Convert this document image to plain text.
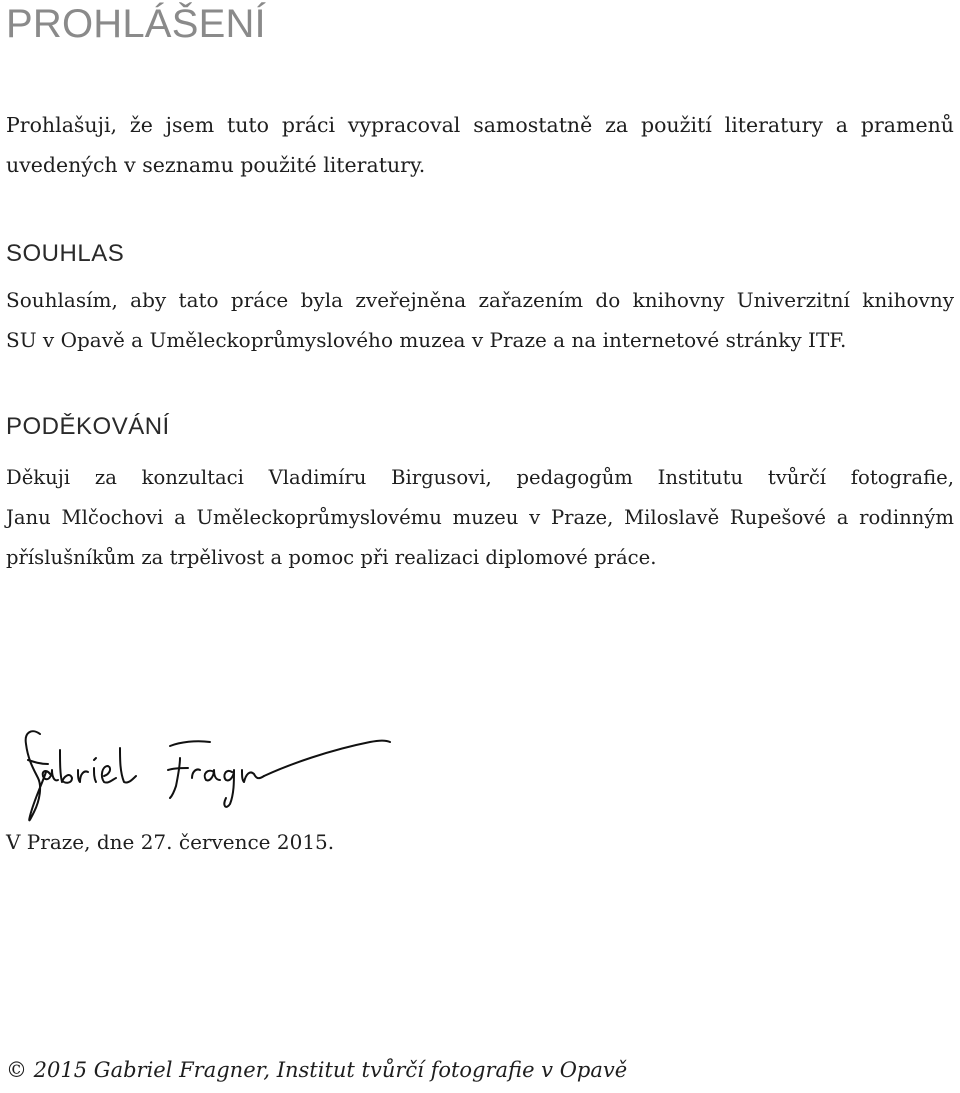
PROHLÁŠENÍ

Prohlašuji, že jsem tuto práci vypracoval samostatně za použití literatury a pramenů
uvedených v seznamu použité literatury.

SOUHLAS

Souhlasím, aby tato práce byla zveřejněna zařazením do knihovny Univerzitní knihovny
SU v Opavě a Uměleckoprůmyslového muzea v Praze a na internetové stránky ITF.

PODĚKOVÁNÍ

Děkuji za konzultaci Vladimíru Birgusovi, pedagogům Institutu tvůrčí fotografie,
Janu Mlčochovi a Uměleckoprůmyslovému muzeu v Praze, Miloslavě Rupešové a rodinným
příslušníkům za trpělivost a pomoc při realizaci diplomové práce.

V Praze, dne 27. července 2015.

© 2015 Gabriel Fragner, Institut tvůrčí fotografie v Opavě
